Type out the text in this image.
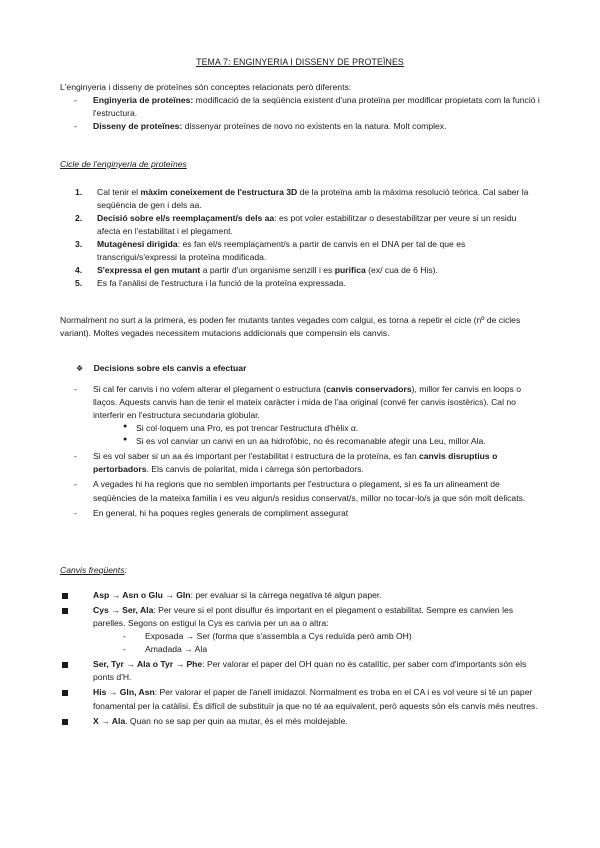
TEMA 7: ENGINYERIA I DISSENY DE PROTEÏNES

L'enginyeria i disseny de proteïnes són conceptes relacionats però diferents:

- Enginyeria de proteïnes: modificació de la seqüència existent d'una proteïna per modificar propietats com la funció i l'estructura.
- Disseny de proteïnes: dissenyar proteïnes de novo no existents en la natura. Molt complex.

Cicle de l'enginyeria de proteïnes

1. Cal tenir el màxim coneixement de l'estructura 3D de la proteïna amb la màxima resolució teòrica. Cal saber la seqüència de gen i dels aa.
2. Decisió sobre el/s reemplaçament/s dels aa: es pot voler estabilitzar o desestabilitzar per veure si un residu afecta en l'estabilitat i el plegament.
3. Mutagènesi dirigida: es fan el/s reemplaçament/s a partir de canvis en el DNA per tal de que es transcrigui/s'expressi la proteïna modificada.
4. S'expressa el gen mutant a partir d'un organisme senzill i es purifica (ex/ cua de 6 His).
5. Es fa l'anàlisi de l'estructura i la funció de la proteïna expressada.

Normalment no surt a la primera, es poden fer mutants tantes vegades com calgui, es torna a repetir el cicle (nº de cicles variant). Moltes vegades necessitem mutacions addicionals que compensin els canvis.

❖ Decisions sobre els canvis a efectuar
- Si cal fer canvis i no volem alterar el plegament o estructura (canvis conservadors), millor fer canvis en loops o llaços. Aquests canvis han de tenir el mateix caràcter i mida de l'aa original (convé fer canvis isostèrics). Cal no interferir en l'estructura secundaria globular.
● Si col·loquem una Pro, es pot trencar l'estructura d'hèlix α.
● Si es vol canviar un canvi en un aa hidrofòbic, no és recomanable afegir una Leu, millor Ala.
- Si es vol saber si un aa és important per l'estabilitat i estructura de la proteïna, es fan canvis disruptius o pertorbadors. Els canvis de polaritat, mida i càrrega són pertorbadors.
- A vegades hi ha regions que no semblen importants per l'estructura o plegament, si es fa un alineament de seqüències de la mateixa familia i es veu algun/s residus conservat/s, millor no tocar-lo/s ja que són molt delicats.
- En general, hi ha poques regles generals de compliment assegurat
Canvis freqüents:
Asp → Asn o Glu → Gln: per evaluar si la càrrega negativa té algun paper.
Cys → Ser, Ala: Per veure si el pont disulfur és important en el plegament o estabilitat. Sempre es canvien les parelles. Segons on estigui la Cys es canvia per un aa o altra:
- Exposada → Ser (forma que s'assembla a Cys reduïda però amb OH)
- Amadada → Ala
Ser, Tyr → Ala o Tyr → Phe: Per valorar el paper del OH quan no és catalític, per saber com d'importants són els ponts d'H.
His → Gln, Asn: Per valorar el paper de l'anell imidazol. Normalment es troba en el CA i es vol veure si té un paper fonamental per la catàlisi. És difícil de substituïr ja que no té aa equivalent, però aquests són els canvis més neutres.
X → Ala. Quan no se sap per quin aa mutar, és el més moldejable.
